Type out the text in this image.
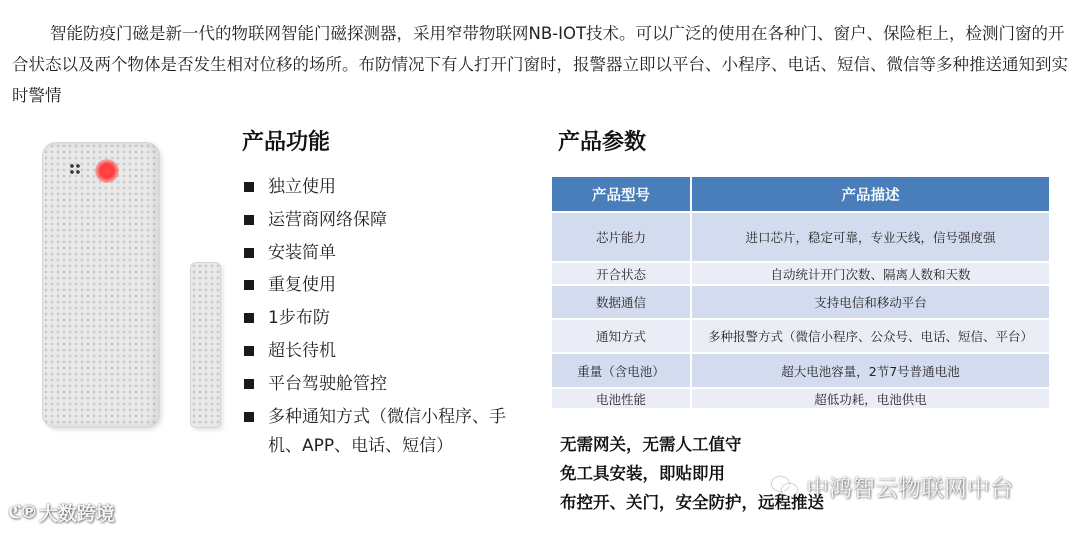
智能防疫门磁是新一代的物联网智能门磁探测器，采用窄带物联网NB-IOT技术。可以广泛的使用在各种门、窗户、保险柜上，检测门窗的开合状态以及两个物体是否发生相对位移的场所。布防情况下有人打开门窗时，报警器立即以平台、小程序、电话、短信、微信等多种推送通知到实时警情
产品功能
独立使用
运营商网络保障
安装简单
重复使用
1步布防
超长待机
平台驾驶舱管控
多种通知方式（微信小程序、手机、APP、电话、短信）
产品参数
产品型号	产品描述
芯片能力	进口芯片，稳定可靠，专业天线，信号强度强
开合状态	自动统计开门次数、隔离人数和天数
数据通信	支持电信和移动平台
通知方式	多种报警方式（微信小程序、公众号、电话、短信、平台）
重量（含电池）	超大电池容量，2节7号普通电池
电池性能	超低功耗，电池供电
无需网关，无需人工值守
免工具安装，即贴即用
布控开、关门，安全防护，远程推送
ℭ℗ 大数跨境
中鸿智云物联网中台
